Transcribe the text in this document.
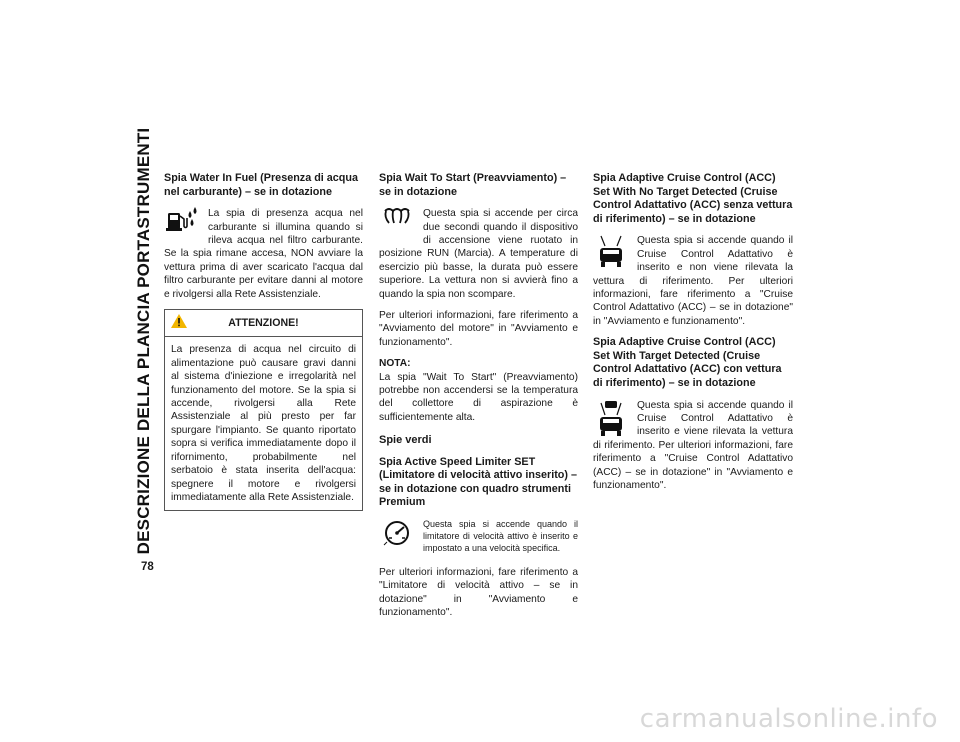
DESCRIZIONE DELLA PLANCIA PORTASTRUMENTI
78
Spia Water In Fuel (Presenza di acqua nel carburante) – se in dotazione

La spia di presenza acqua nel carburante si illumina quando si rileva acqua nel filtro carburante. Se la spia rimane accesa, NON avviare la vettura prima di aver scaricato l'acqua dal filtro carburante per evitare danni al motore e rivolgersi alla Rete Assistenziale.

ATTENZIONE!
La presenza di acqua nel circuito di alimentazione può causare gravi danni al sistema d'iniezione e irregolarità nel funzionamento del motore. Se la spia si accende, rivolgersi alla Rete Assistenziale al più presto per far spurgare l'impianto. Se quanto riportato sopra si verifica immediatamente dopo il rifornimento, probabilmente nel serbatoio è stata inserita dell'acqua: spegnere il motore e rivolgersi immediatamente alla Rete Assistenziale.
Spia Wait To Start (Preavviamento) – se in dotazione

Questa spia si accende per circa due secondi quando il dispositivo di accensione viene ruotato in posizione RUN (Marcia). A temperature di esercizio più basse, la durata può essere superiore. La vettura non si avvierà fino a quando la spia non scompare.

Per ulteriori informazioni, fare riferimento a "Avviamento del motore" in "Avviamento e funzionamento".

NOTA:

La spia "Wait To Start" (Preavviamento) potrebbe non accendersi se la temperatura del collettore di aspirazione è sufficientemente alta.

Spie verdi
Spia Active Speed Limiter SET (Limitatore di velocità attivo inserito) – se in dotazione con quadro strumenti Premium

Questa spia si accende quando il limitatore di velocità attivo è inserito e impostato a una velocità specifica.

Per ulteriori informazioni, fare riferimento a "Limitatore di velocità attivo – se in dotazione" in "Avviamento e funzionamento".

Spia Adaptive Cruise Control (ACC) Set With No Target Detected (Cruise Control Adattativo (ACC) senza vettura di riferimento) – se in dotazione

Questa spia si accende quando il Cruise Control Adattativo è inserito e non viene rilevata la vettura di riferimento. Per ulteriori informazioni, fare riferimento a "Cruise Control Adattativo (ACC) – se in dotazione" in "Avviamento e funzionamento".

Spia Adaptive Cruise Control (ACC) Set With Target Detected (Cruise Control Adattativo (ACC) con vettura di riferimento) – se in dotazione

Questa spia si accende quando il Cruise Control Adattativo è inserito e viene rilevata la vettura di riferimento. Per ulteriori informazioni, fare riferimento a "Cruise Control Adattativo (ACC) – se in dotazione" in "Avviamento e funzionamento".

carmanualsonline.info
